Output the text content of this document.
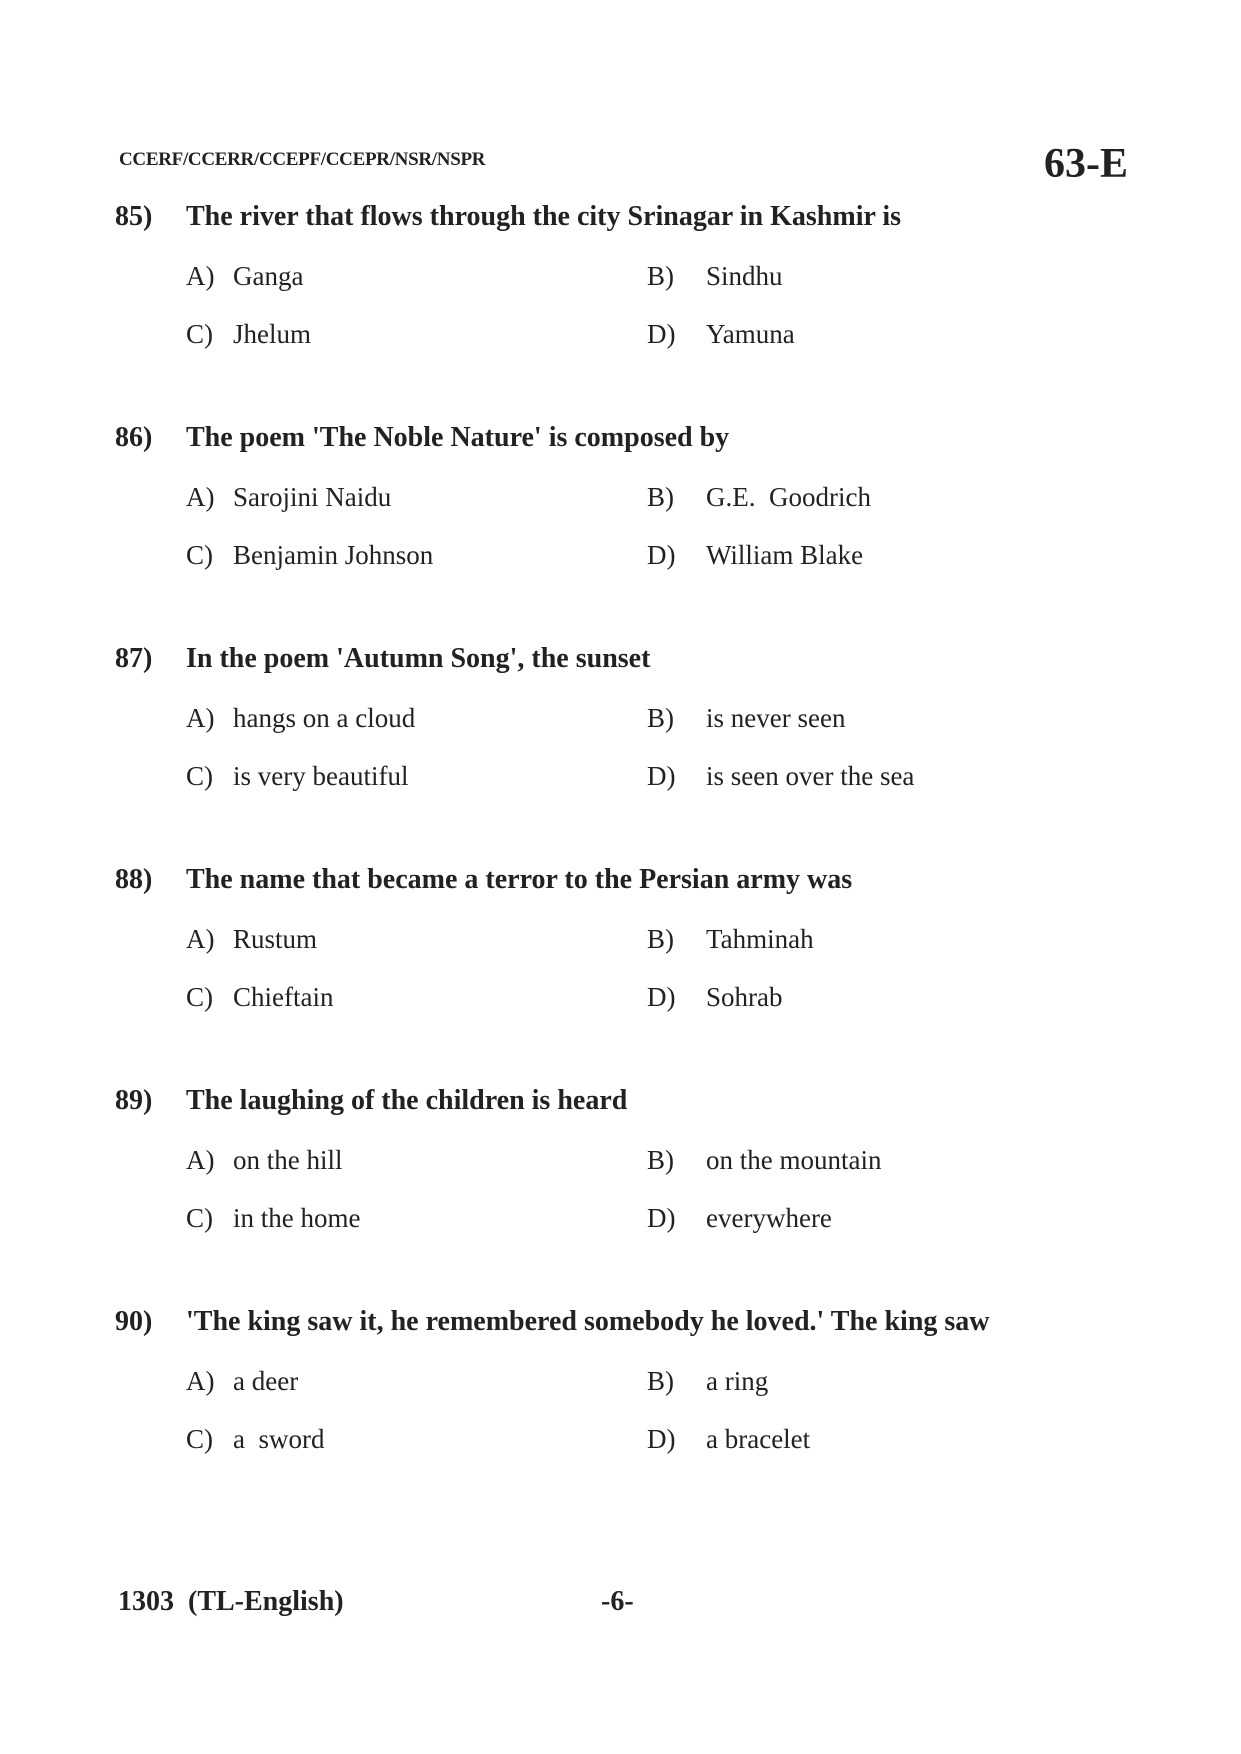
CCERF/CCERR/CCEPF/CCEPR/NSR/NSPR	63-E
85) The river that flows through the city Srinagar in Kashmir is
A) Ganga	B) Sindhu
C) Jhelum	D) Yamuna
86) The poem 'The Noble Nature' is composed by
A) Sarojini Naidu	B) G.E.  Goodrich
C) Benjamin Johnson	D) William Blake
87) In the poem 'Autumn Song', the sunset
A) hangs on a cloud	B) is never seen
C) is very beautiful	D) is seen over the sea
88) The name that became a terror to the Persian army was
A) Rustum	B) Tahminah
C) Chieftain	D) Sohrab
89) The laughing of the children is heard
A) on the hill	B) on the mountain
C) in the home	D) everywhere
90) 'The king saw it, he remembered somebody he loved.' The king saw
A) a deer	B) a ring
C) a  sword	D) a bracelet
1303  (TL-English)	-6-
